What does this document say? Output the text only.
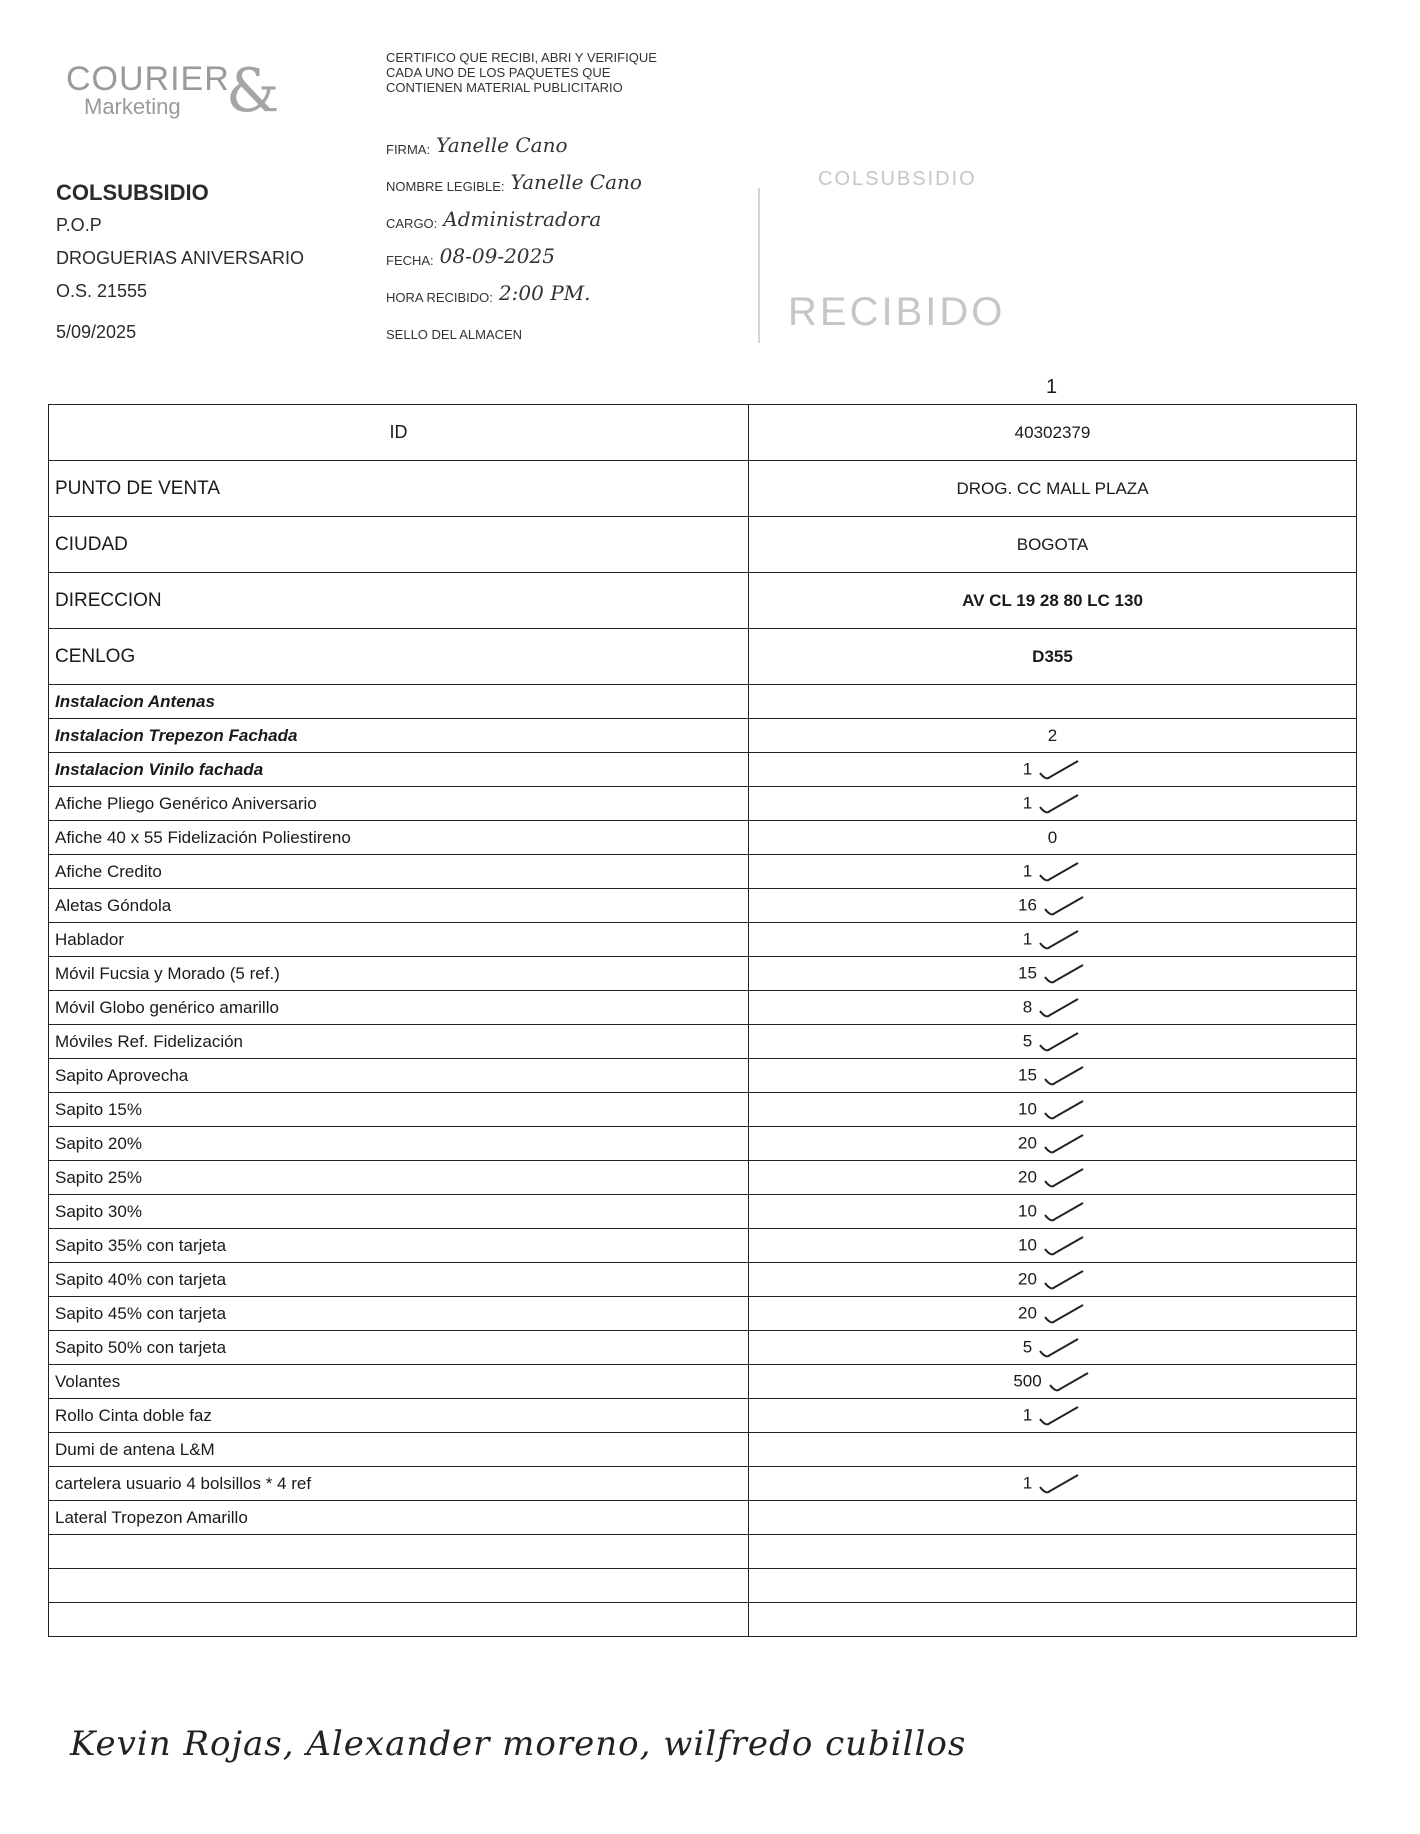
COURIER
Marketing &
COLSUBSIDIO
P.O.P
DROGUERIAS ANIVERSARIO
O.S. 21555
5/09/2025
CERTIFICO QUE RECIBI, ABRI Y VERIFIQUE
CADA UNO DE LOS PAQUETES QUE
CONTIENEN MATERIAL PUBLICITARIO
FIRMA: Yanelle Cano
NOMBRE LEGIBLE: Yanelle Cano
CARGO: Administradora
FECHA: 08-09-2025
HORA RECIBIDO: 2:00 PM.
SELLO DEL ALMACEN
COLSUBSIDIO
RECIBIDO
1
ID	40302379
PUNTO DE VENTA	DROG. CC MALL PLAZA
CIUDAD	BOGOTA
DIRECCION	AV CL 19 28 80 LC 130
CENLOG	D355
Instalacion Antenas	
Instalacion Trepezon Fachada	2
Instalacion Vinilo fachada	1
Afiche Pliego Genérico Aniversario	1
Afiche 40 x 55 Fidelización Poliestireno	0
Afiche Credito	1
Aletas Góndola	16
Hablador	1
Móvil Fucsia y Morado (5 ref.)	15
Móvil Globo genérico amarillo	8
Móviles Ref. Fidelización	5
Sapito Aprovecha	15
Sapito 15%	10
Sapito 20%	20
Sapito 25%	20
Sapito 30%	10
Sapito 35% con tarjeta	10
Sapito 40% con tarjeta	20
Sapito 45% con tarjeta	20
Sapito 50% con tarjeta	5
Volantes	500
Rollo Cinta doble faz	1
Dumi de antena L&M	
cartelera usuario 4 bolsillos * 4 ref	1
Lateral Tropezon Amarillo	

Kevin Rojas, Alexander moreno, wilfredo cubillos
